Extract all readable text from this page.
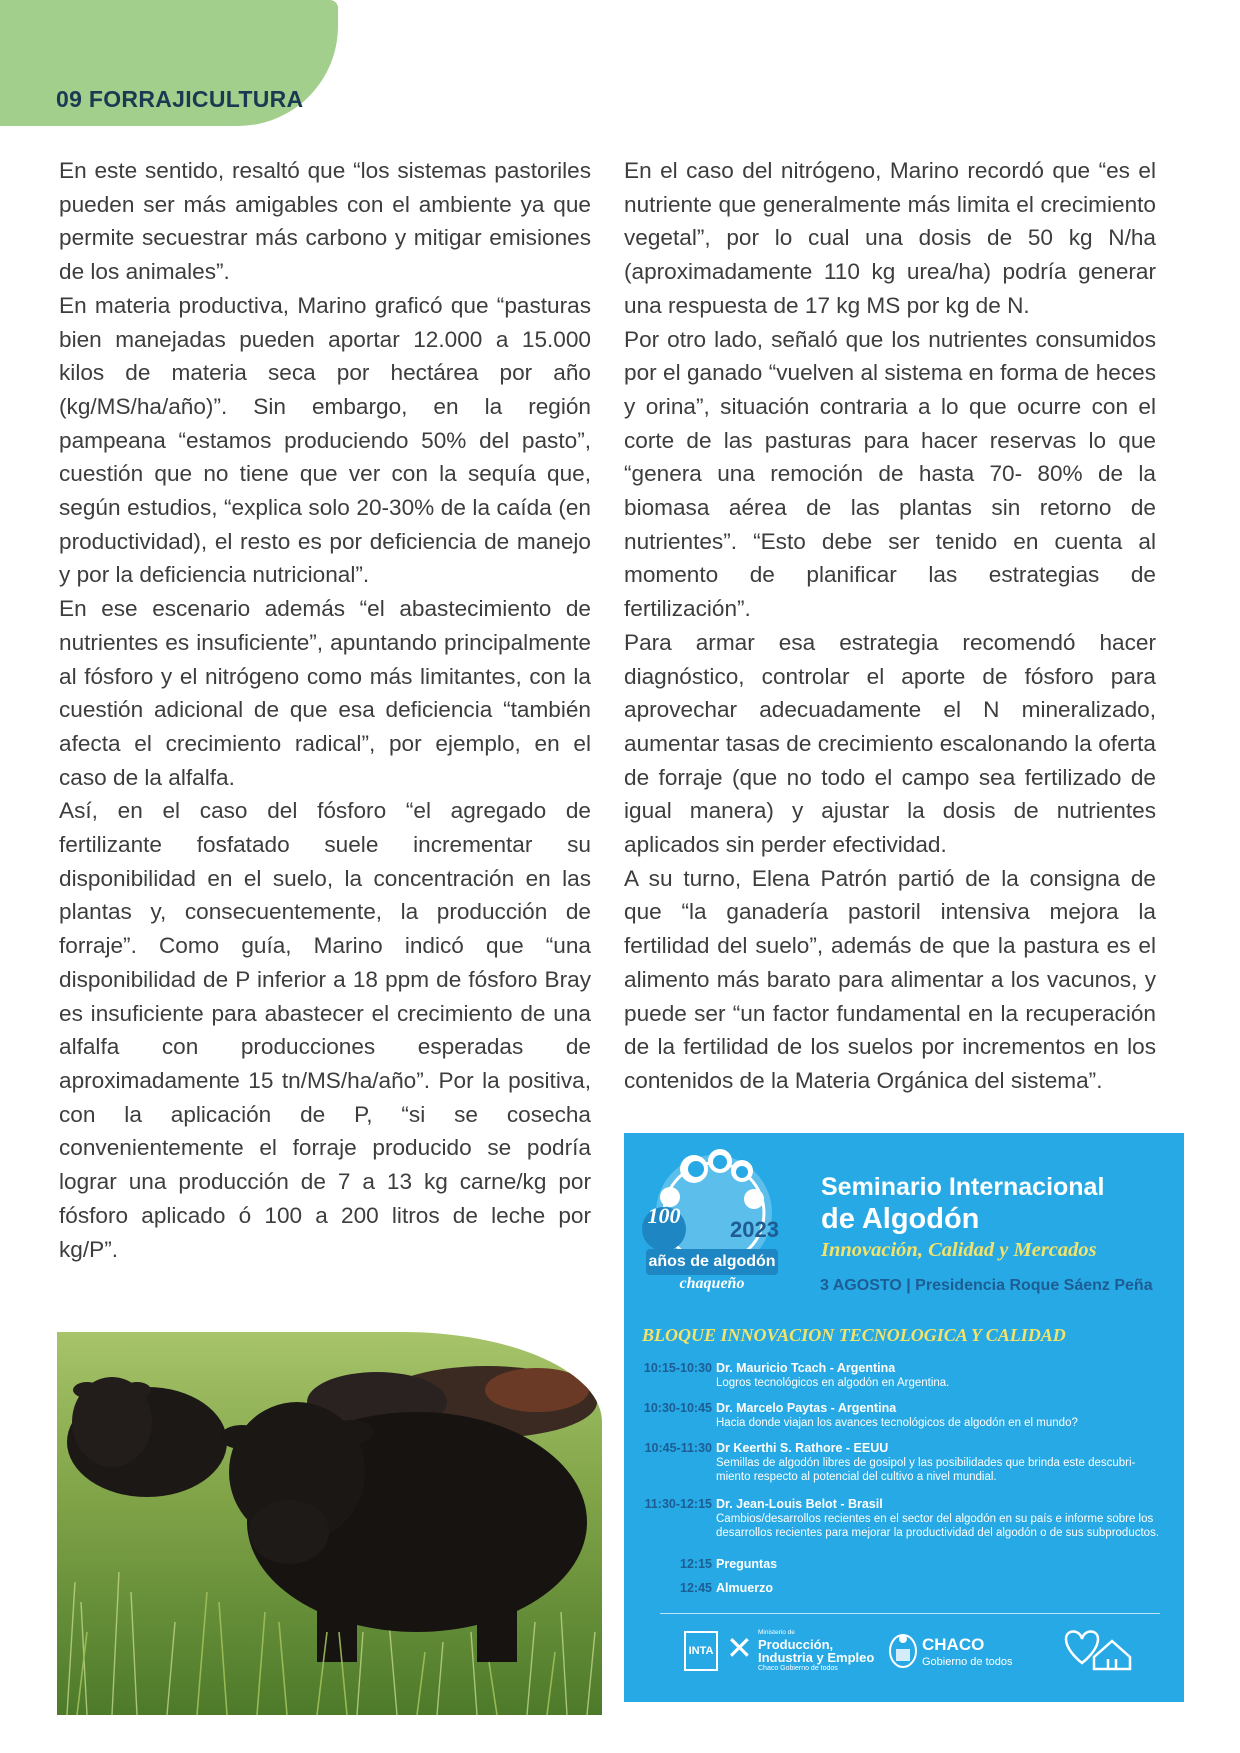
09 FORRAJICULTURA

En este sentido, resaltó que “los sistemas pastoriles pueden ser más amigables con el ambiente ya que permite secuestrar más carbono y mitigar emisiones de los animales”.

En materia productiva, Marino graficó que “pasturas bien manejadas pueden aportar 12.000 a 15.000 kilos de materia seca por hectárea por año (kg/MS/ha/año)”. Sin embargo, en la región pampeana “estamos produciendo 50% del pasto”, cuestión que no tiene que ver con la sequía que, según estudios, “explica solo 20-30% de la caída (en productividad), el resto es por deficiencia de manejo y por la deficiencia nutricional”.

En ese escenario además “el abastecimiento de nutrientes es insuficiente”, apuntando principalmente al fósforo y el nitrógeno como más limitantes, con la cuestión adicional de que esa deficiencia “también afecta el crecimiento radical”, por ejemplo, en el caso de la alfalfa.

Así, en el caso del fósforo “el agregado de fertilizante fosfatado suele incrementar su disponibilidad en el suelo, la concentración en las plantas y, consecuentemente, la producción de forraje”. Como guía, Marino indicó que “una disponibilidad de P inferior a 18 ppm de fósforo Bray es insuficiente para abastecer el crecimiento de una alfalfa con producciones esperadas de aproximadamente 15 tn/MS/ha/año”. Por la positiva, con la aplicación de P, “si se cosecha convenientemente el forraje producido se podría lograr una producción de 7 a 13 kg carne/kg por fósforo aplicado ó 100 a 200 litros de leche por kg/P”.

En el caso del nitrógeno, Marino recordó que “es el nutriente que generalmente más limita el crecimiento vegetal”, por lo cual una dosis de 50 kg N/ha (aproximadamente 110 kg urea/ha) podría generar una respuesta de 17 kg MS por kg de N.

Por otro lado, señaló que los nutrientes consumidos por el ganado “vuelven al sistema en forma de heces y orina”, situación contraria a lo que ocurre con el corte de las pasturas para hacer reservas lo que “genera una remoción de hasta 70- 80% de la biomasa aérea de las plantas sin retorno de nutrientes”. “Esto debe ser tenido en cuenta al momento de planificar las estrategias de fertilización”.

Para armar esa estrategia recomendó hacer diagnóstico, controlar el aporte de fósforo para aprovechar adecuadamente el N mineralizado, aumentar tasas de crecimiento escalonando la oferta de forraje (que no todo el campo sea fertilizado de igual manera) y ajustar la dosis de nutrientes aplicados sin perder efectividad.

A su turno, Elena Patrón partió de la consigna de que “la ganadería pastoril intensiva mejora la fertilidad del suelo”, además de que la pastura es el alimento más barato para alimentar a los vacunos, y puede ser “un factor fundamental en la recuperación de la fertilidad de los suelos por incrementos en los contenidos de la Materia Orgánica del sistema”.

100
2023
años de algodón
chaqueño
Seminario Internacional
de Algodón
Innovación, Calidad y Mercados
3 AGOSTO | Presidencia Roque Sáenz Peña
BLOQUE INNOVACION TECNOLOGICA Y CALIDAD
10:15-10:30 Dr. Mauricio Tcach - Argentina
Logros tecnológicos en algodón en Argentina.
10:30-10:45 Dr. Marcelo Paytas - Argentina
Hacia donde viajan los avances tecnológicos de algodón en el mundo?
10:45-11:30 Dr Keerthi S. Rathore - EEUU
Semillas de algodón libres de gosipol y las posibilidades que brinda este descubri- miento respecto al potencial del cultivo a nivel mundial.
11:30-12:15 Dr. Jean-Louis Belot - Brasil
Cambios/desarrollos recientes en el sector del algodón en su país e informe sobre los desarrollos recientes para mejorar la productividad del algodón o de sus subproductos.
12:15 Preguntas
12:45 Almuerzo
INTA ✕ Ministerio de
Producción,
Industria y Empleo
Chaco Gobierno de todos
CHACO
Gobierno de todos
